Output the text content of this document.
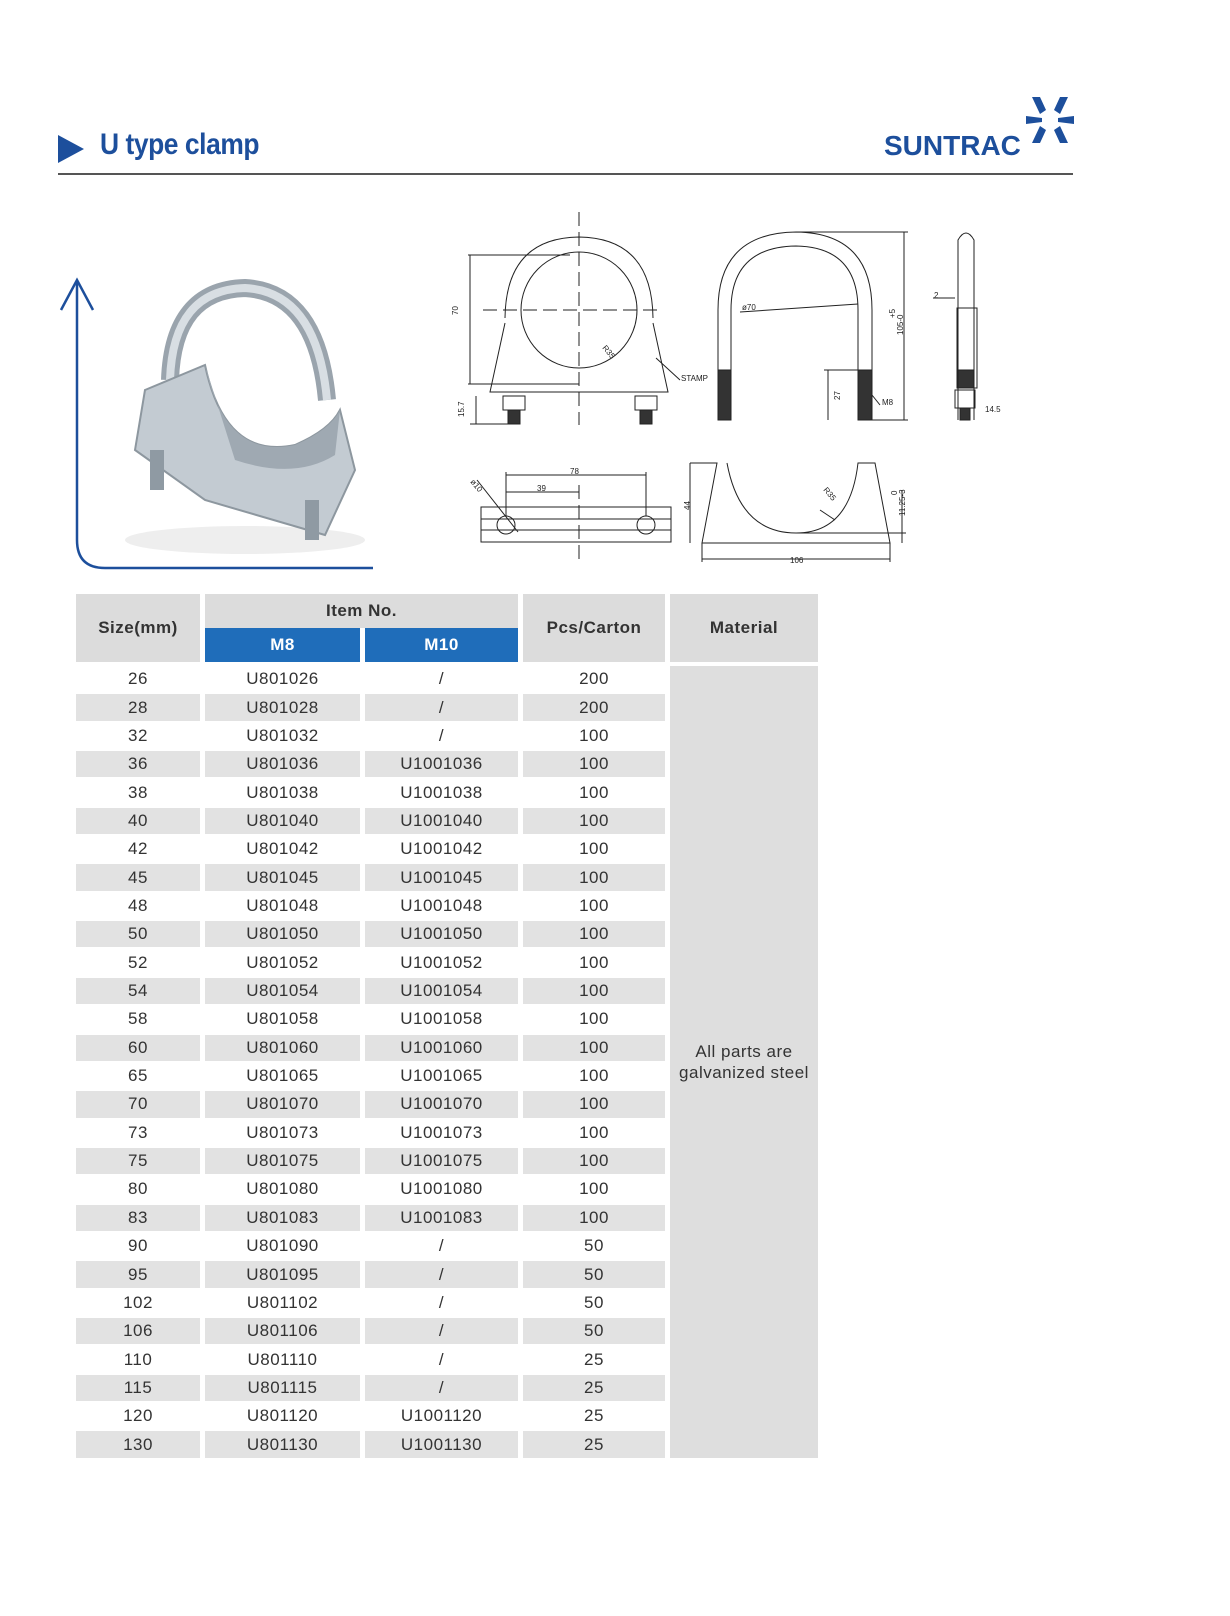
U type clamp	SUNTRAC
70
R35
STAMP
15.7
ø70
+5
105-0
27
M8
2
14.5
78
39
ø10
44
R35	0 11.25-3
106
Size(mm)
Item No.
M8	M10
Pcs/Carton	Material
All parts are
galvanized steel
26	U801026	/	200
28	U801028	/	200
32	U801032	/	100
36	U801036	U1001036	100
38	U801038	U1001038	100
40	U801040	U1001040	100
42	U801042	U1001042	100
45	U801045	U1001045	100
48	U801048	U1001048	100
50	U801050	U1001050	100
52	U801052	U1001052	100
54	U801054	U1001054	100
58	U801058	U1001058	100
60	U801060	U1001060	100
65	U801065	U1001065	100
70	U801070	U1001070	100
73	U801073	U1001073	100
75	U801075	U1001075	100
80	U801080	U1001080	100
83	U801083	U1001083	100
90	U801090	/	50
95	U801095	/	50
102	U801102	/	50
106	U801106	/	50
110	U801110	/	25
115	U801115	/	25
120	U801120	U1001120	25
130	U801130	U1001130	25
